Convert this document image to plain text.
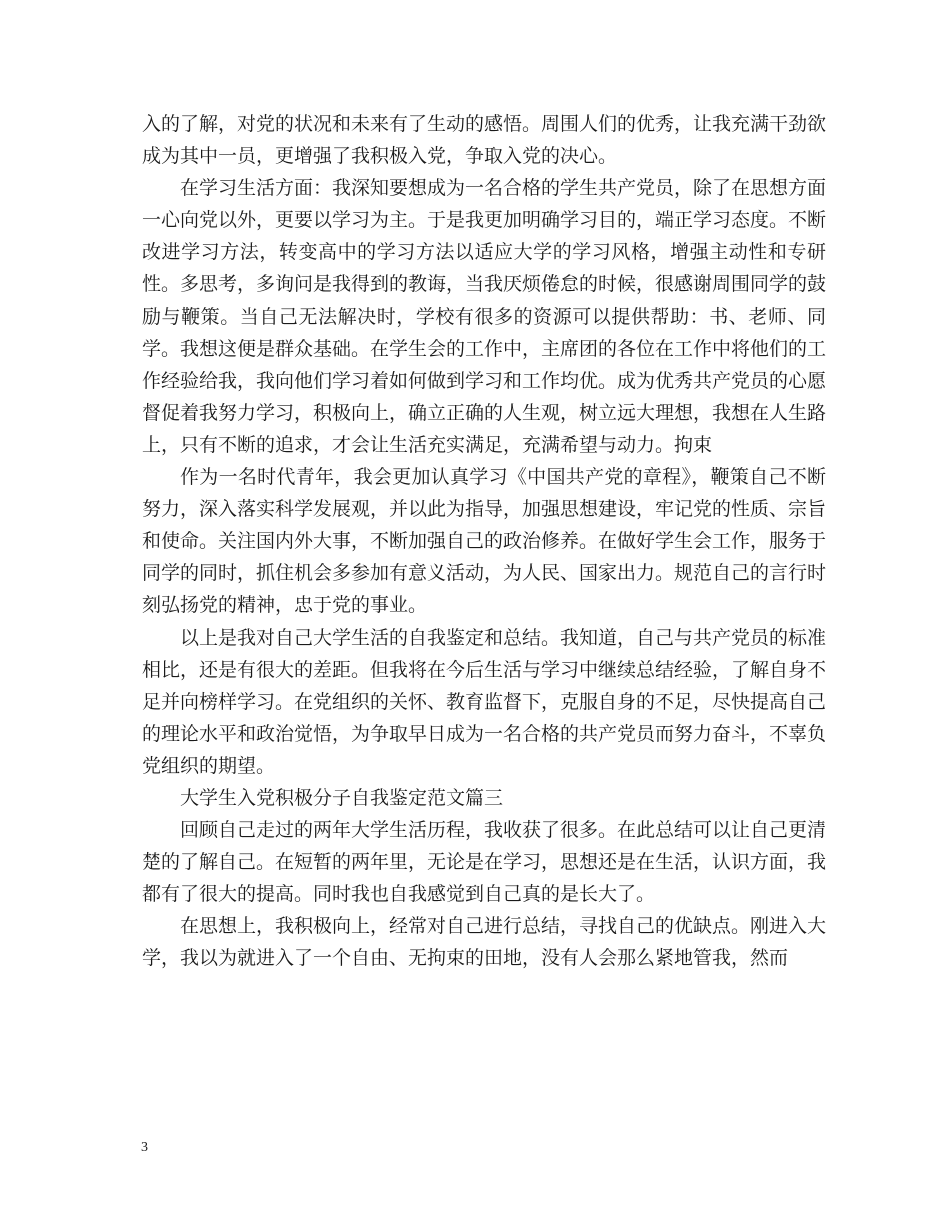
入的了解，对党的状况和未来有了生动的感悟。周围人们的优秀，让我充满干劲欲成为其中一员，更增强了我积极入党，争取入党的决心。

在学习生活方面：我深知要想成为一名合格的学生共产党员，除了在思想方面一心向党以外，更要以学习为主。于是我更加明确学习目的，端正学习态度。不断改进学习方法，转变高中的学习方法以适应大学的学习风格，增强主动性和专研性。多思考，多询问是我得到的教诲，当我厌烦倦怠的时候，很感谢周围同学的鼓励与鞭策。当自己无法解决时，学校有很多的资源可以提供帮助：书、老师、同学。我想这便是群众基础。在学生会的工作中，主席团的各位在工作中将他们的工作经验给我，我向他们学习着如何做到学习和工作均优。成为优秀共产党员的心愿督促着我努力学习，积极向上，确立正确的人生观，树立远大理想，我想在人生路上，只有不断的追求，才会让生活充实满足，充满希望与动力。拘束

作为一名时代青年，我会更加认真学习《中国共产党的章程》，鞭策自己不断努力，深入落实科学发展观，并以此为指导，加强思想建设，牢记党的性质、宗旨和使命。关注国内外大事，不断加强自己的政治修养。在做好学生会工作，服务于同学的同时，抓住机会多参加有意义活动，为人民、国家出力。规范自己的言行时刻弘扬党的精神，忠于党的事业。

以上是我对自己大学生活的自我鉴定和总结。我知道，自己与共产党员的标准相比，还是有很大的差距。但我将在今后生活与学习中继续总结经验，了解自身不足并向榜样学习。在党组织的关怀、教育监督下，克服自身的不足，尽快提高自己的理论水平和政治觉悟，为争取早日成为一名合格的共产党员而努力奋斗，不辜负党组织的期望。

大学生入党积极分子自我鉴定范文篇三

回顾自己走过的两年大学生活历程，我收获了很多。在此总结可以让自己更清楚的了解自己。在短暂的两年里，无论是在学习，思想还是在生活，认识方面，我都有了很大的提高。同时我也自我感觉到自己真的是长大了。

在思想上，我积极向上，经常对自己进行总结，寻找自己的优缺点。刚进入大学，我以为就进入了一个自由、无拘束的田地，没有人会那么紧地管我，然而

3
